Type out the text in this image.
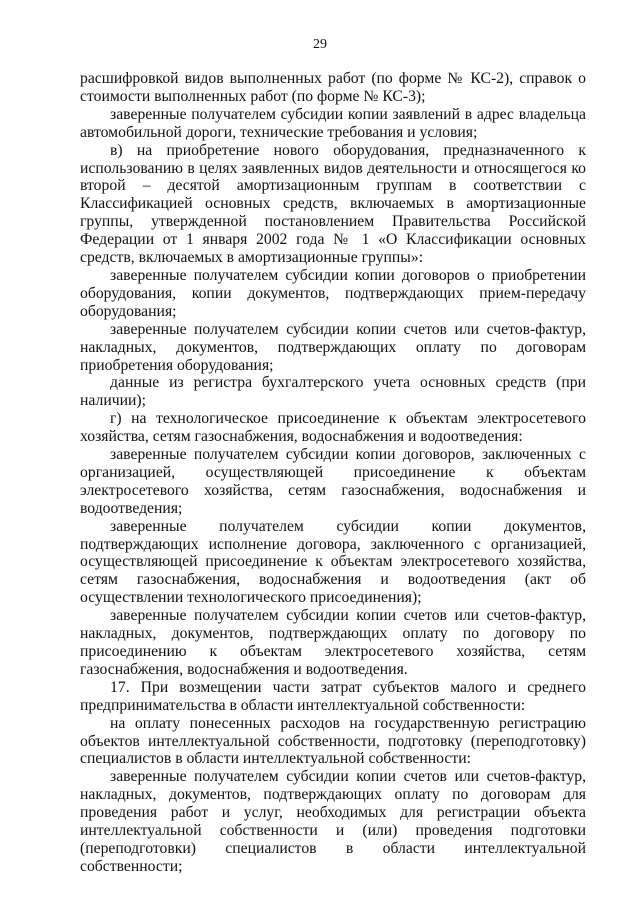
29

расшифровкой видов выполненных работ (по форме № КС-2), справок о стоимости выполненных работ (по форме № КС-3);

заверенные получателем субсидии копии заявлений в адрес владельца автомобильной дороги, технические требования и условия;

в) на приобретение нового оборудования, предназначенного к использованию в целях заявленных видов деятельности и относящегося ко второй – десятой амортизационным группам в соответствии с Классификацией основных средств, включаемых в амортизационные группы, утвержденной постановлением Правительства Российской Федерации от 1 января 2002 года № 1 «О Классификации основных средств, включаемых в амортизационные группы»:

заверенные получателем субсидии копии договоров о приобретении оборудования, копии документов, подтверждающих прием-передачу оборудования;

заверенные получателем субсидии копии счетов или счетов-фактур, накладных, документов, подтверждающих оплату по договорам приобретения оборудования;

данные из регистра бухгалтерского учета основных средств (при наличии);

г) на технологическое присоединение к объектам электросетевого хозяйства, сетям газоснабжения, водоснабжения и водоотведения:

заверенные получателем субсидии копии договоров, заключенных с организацией, осуществляющей присоединение к объектам электросетевого хозяйства, сетям газоснабжения, водоснабжения и водоотведения;

заверенные получателем субсидии копии документов, подтверждающих исполнение договора, заключенного с организацией, осуществляющей присоединение к объектам электросетевого хозяйства, сетям газоснабжения, водоснабжения и водоотведения (акт об осуществлении технологического присоединения);

заверенные получателем субсидии копии счетов или счетов-фактур, накладных, документов, подтверждающих оплату по договору по присоединению к объектам электросетевого хозяйства, сетям газоснабжения, водоснабжения и водоотведения.

17. При возмещении части затрат субъектов малого и среднего предпринимательства в области интеллектуальной собственности:

на оплату понесенных расходов на государственную регистрацию объектов интеллектуальной собственности, подготовку (переподготовку) специалистов в области интеллектуальной собственности:

заверенные получателем субсидии копии счетов или счетов-фактур, накладных, документов, подтверждающих оплату по договорам для проведения работ и услуг, необходимых для регистрации объекта интеллектуальной собственности и (или) проведения подготовки (переподготовки) специалистов в области интеллектуальной собственности;
